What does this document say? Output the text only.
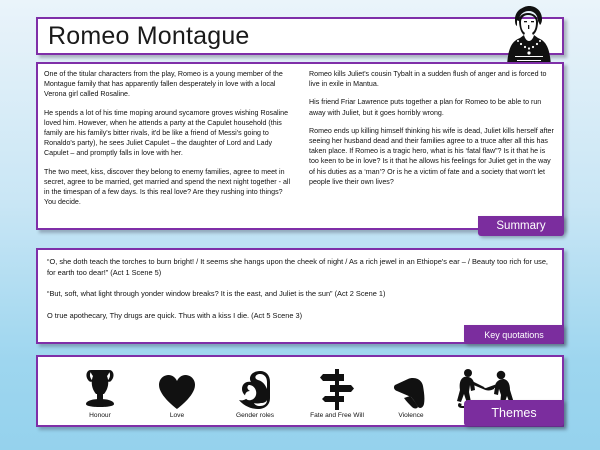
Romeo Montague

One of the titular characters from the play, Romeo is a young member of the Montague family that has apparently fallen desperately in love with a local Verona girl called Rosaline.

He spends a lot of his time moping around sycamore groves wishing Rosaline loved him. However, when he attends a party at the Capulet household (this family are his family's bitter rivals, it'd be like a friend of Messi's going to Ronaldo's party), he sees Juliet Capulet – the daughter of Lord and Lady Capulet – and promptly falls in love with her.

The two meet, kiss, discover they belong to enemy families, agree to meet in secret, agree to be married, get married and spend the next night together - all in the timespan of a few days. Is this real love? Are they rushing into things? You decide.

Romeo kills Juliet's cousin Tybalt in a sudden flush of anger and is forced to live in exile in Mantua.

His friend Friar Lawrence puts together a plan for Romeo to be able to run away with Juliet, but it goes horribly wrong.

Romeo ends up killing himself thinking his wife is dead, Juliet kills herself after seeing her husband dead and their families agree to a truce after all this has taken place. If Romeo is a tragic hero, what is his ‘fatal flaw”? Is it that he is too keen to be in love? Is it that he allows his feelings for Juliet get in the way of his duties as a ‘man’? Or is he a victim of fate and a society that won't let people live their own lives?

Summary

“O, she doth teach the torches to burn bright! / It seems she hangs upon the cheek of night / As a rich jewel in an Ethiope's ear – / Beauty too rich for use, for earth too dear!” (Act 1 Scene 5)

“But, soft, what light through yonder window breaks? It is the east, and Juliet is the sun” (Act 2 Scene 1)

O true apothecary, Thy drugs are quick. Thus with a kiss I die. (Act 5 Scene 3)

Key quotations
Honour	Love	Gender roles	Fate and Free Will	Violence	Themes
